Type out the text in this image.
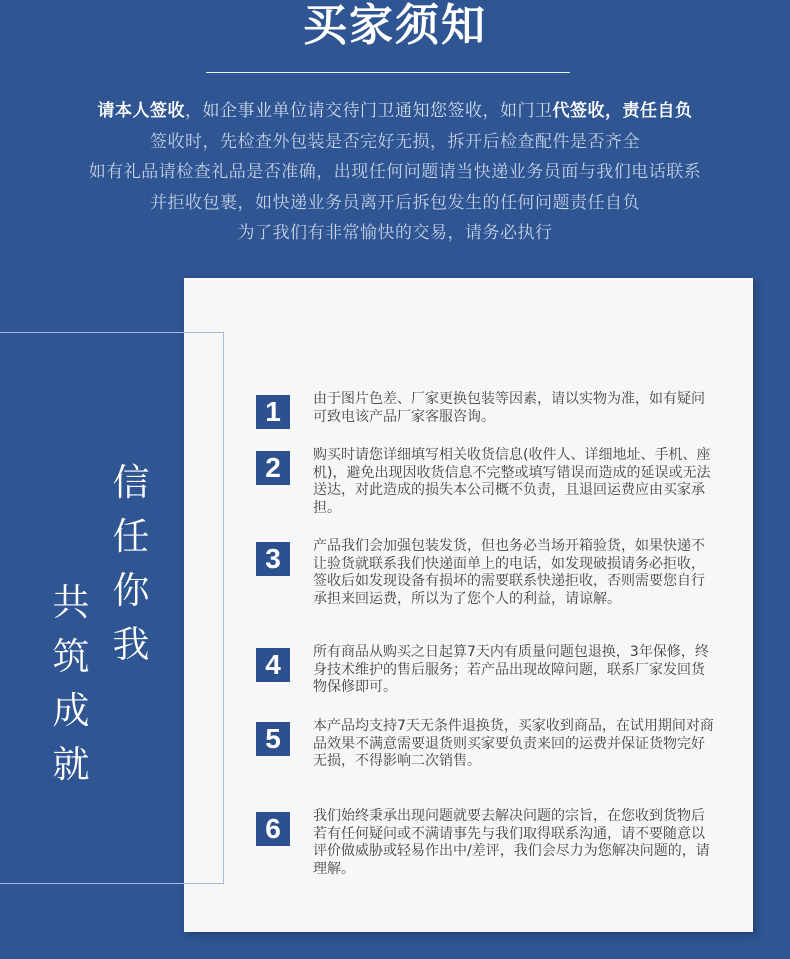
买家须知
请本人签收，如企事业单位请交待门卫通知您签收，如门卫代签收，责任自负
签收时，先检查外包装是否完好无损，拆开后检查配件是否齐全
如有礼品请检查礼品是否准确，出现任何问题请当快递业务员面与我们电话联系
并拒收包裹，如快递业务员离开后拆包发生的任何问题责任自负
为了我们有非常愉快的交易，请务必执行
信任你我
共筑成就
1	由于图片色差、厂家更换包装等因素，请以实物为准，如有疑问可致电该产品厂家客服咨询。
2	购买时请您详细填写相关收货信息(收件人、详细地址、手机、座机)，避免出现因收货信息不完整或填写错误而造成的延误或无法送达，对此造成的损失本公司概不负责，且退回运费应由买家承担。
3	产品我们会加强包装发货，但也务必当场开箱验货，如果快递不让验货就联系我们快递面单上的电话，如发现破损请务必拒收，签收后如发现设备有损坏的需要联系快递拒收，否则需要您自行承担来回运费，所以为了您个人的利益，请谅解。
4	所有商品从购买之日起算7天内有质量问题包退换，3年保修，终身技术维护的售后服务；若产品出现故障问题，联系厂家发回货物保修即可。
5	本产品均支持7天无条件退换货，买家收到商品，在试用期间对商品效果不满意需要退货则买家要负责来回的运费并保证货物完好无损，不得影响二次销售。
6	我们始终秉承出现问题就要去解决问题的宗旨，在您收到货物后若有任何疑问或不满请事先与我们取得联系沟通，请不要随意以评价做威胁或轻易作出中/差评，我们会尽力为您解决问题的，请理解。
